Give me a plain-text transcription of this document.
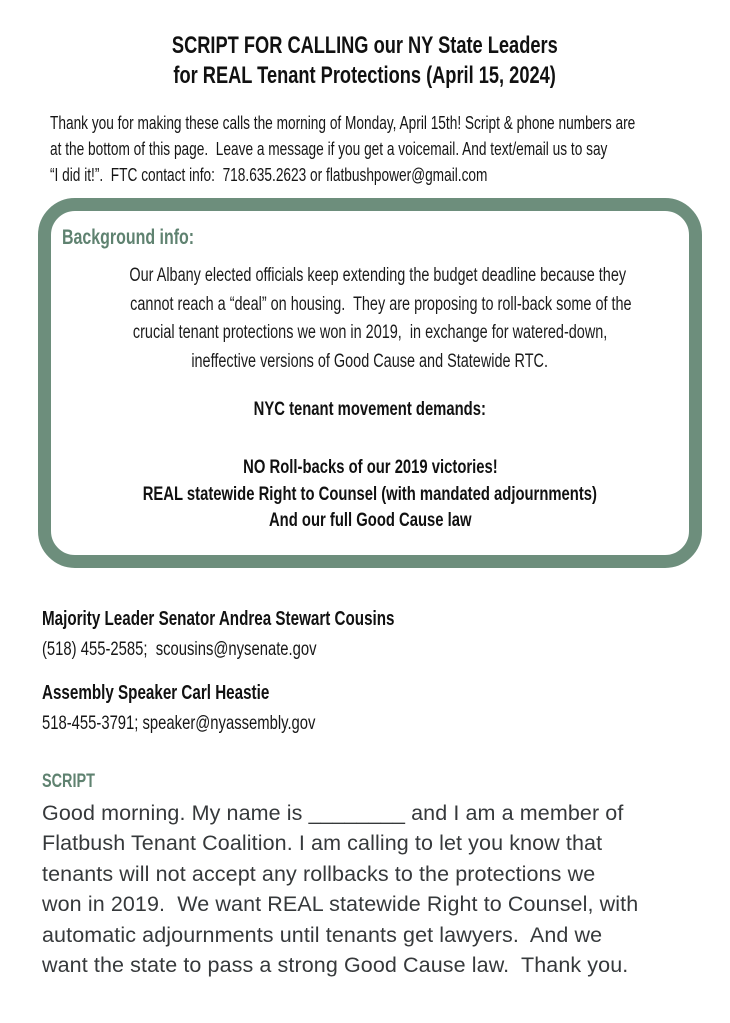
SCRIPT FOR CALLING our NY State Leaders
for REAL Tenant Protections (April 15, 2024)
Thank you for making these calls the morning of Monday, April 15th! Script & phone numbers are
at the bottom of this page.  Leave a message if you get a voicemail. And text/email us to say
“I did it!”.  FTC contact info:  718.635.2623 or flatbushpower@gmail.com
Background info:
Our Albany elected officials keep extending the budget deadline because they
cannot reach a “deal” on housing.  They are proposing to roll-back some of the
crucial tenant protections we won in 2019,  in exchange for watered-down,
ineffective versions of Good Cause and Statewide RTC.
NYC tenant movement demands:
NO Roll-backs of our 2019 victories!
REAL statewide Right to Counsel (with mandated adjournments)
And our full Good Cause law
Majority Leader Senator Andrea Stewart Cousins
(518) 455-2585;  scousins@nysenate.gov
Assembly Speaker Carl Heastie
518-455-3791; speaker@nyassembly.gov
SCRIPT
Good morning. My name is ________ and I am a member of
Flatbush Tenant Coalition. I am calling to let you know that
tenants will not accept any rollbacks to the protections we
won in 2019.  We want REAL statewide Right to Counsel, with
automatic adjournments until tenants get lawyers.  And we
want the state to pass a strong Good Cause law.  Thank you.
